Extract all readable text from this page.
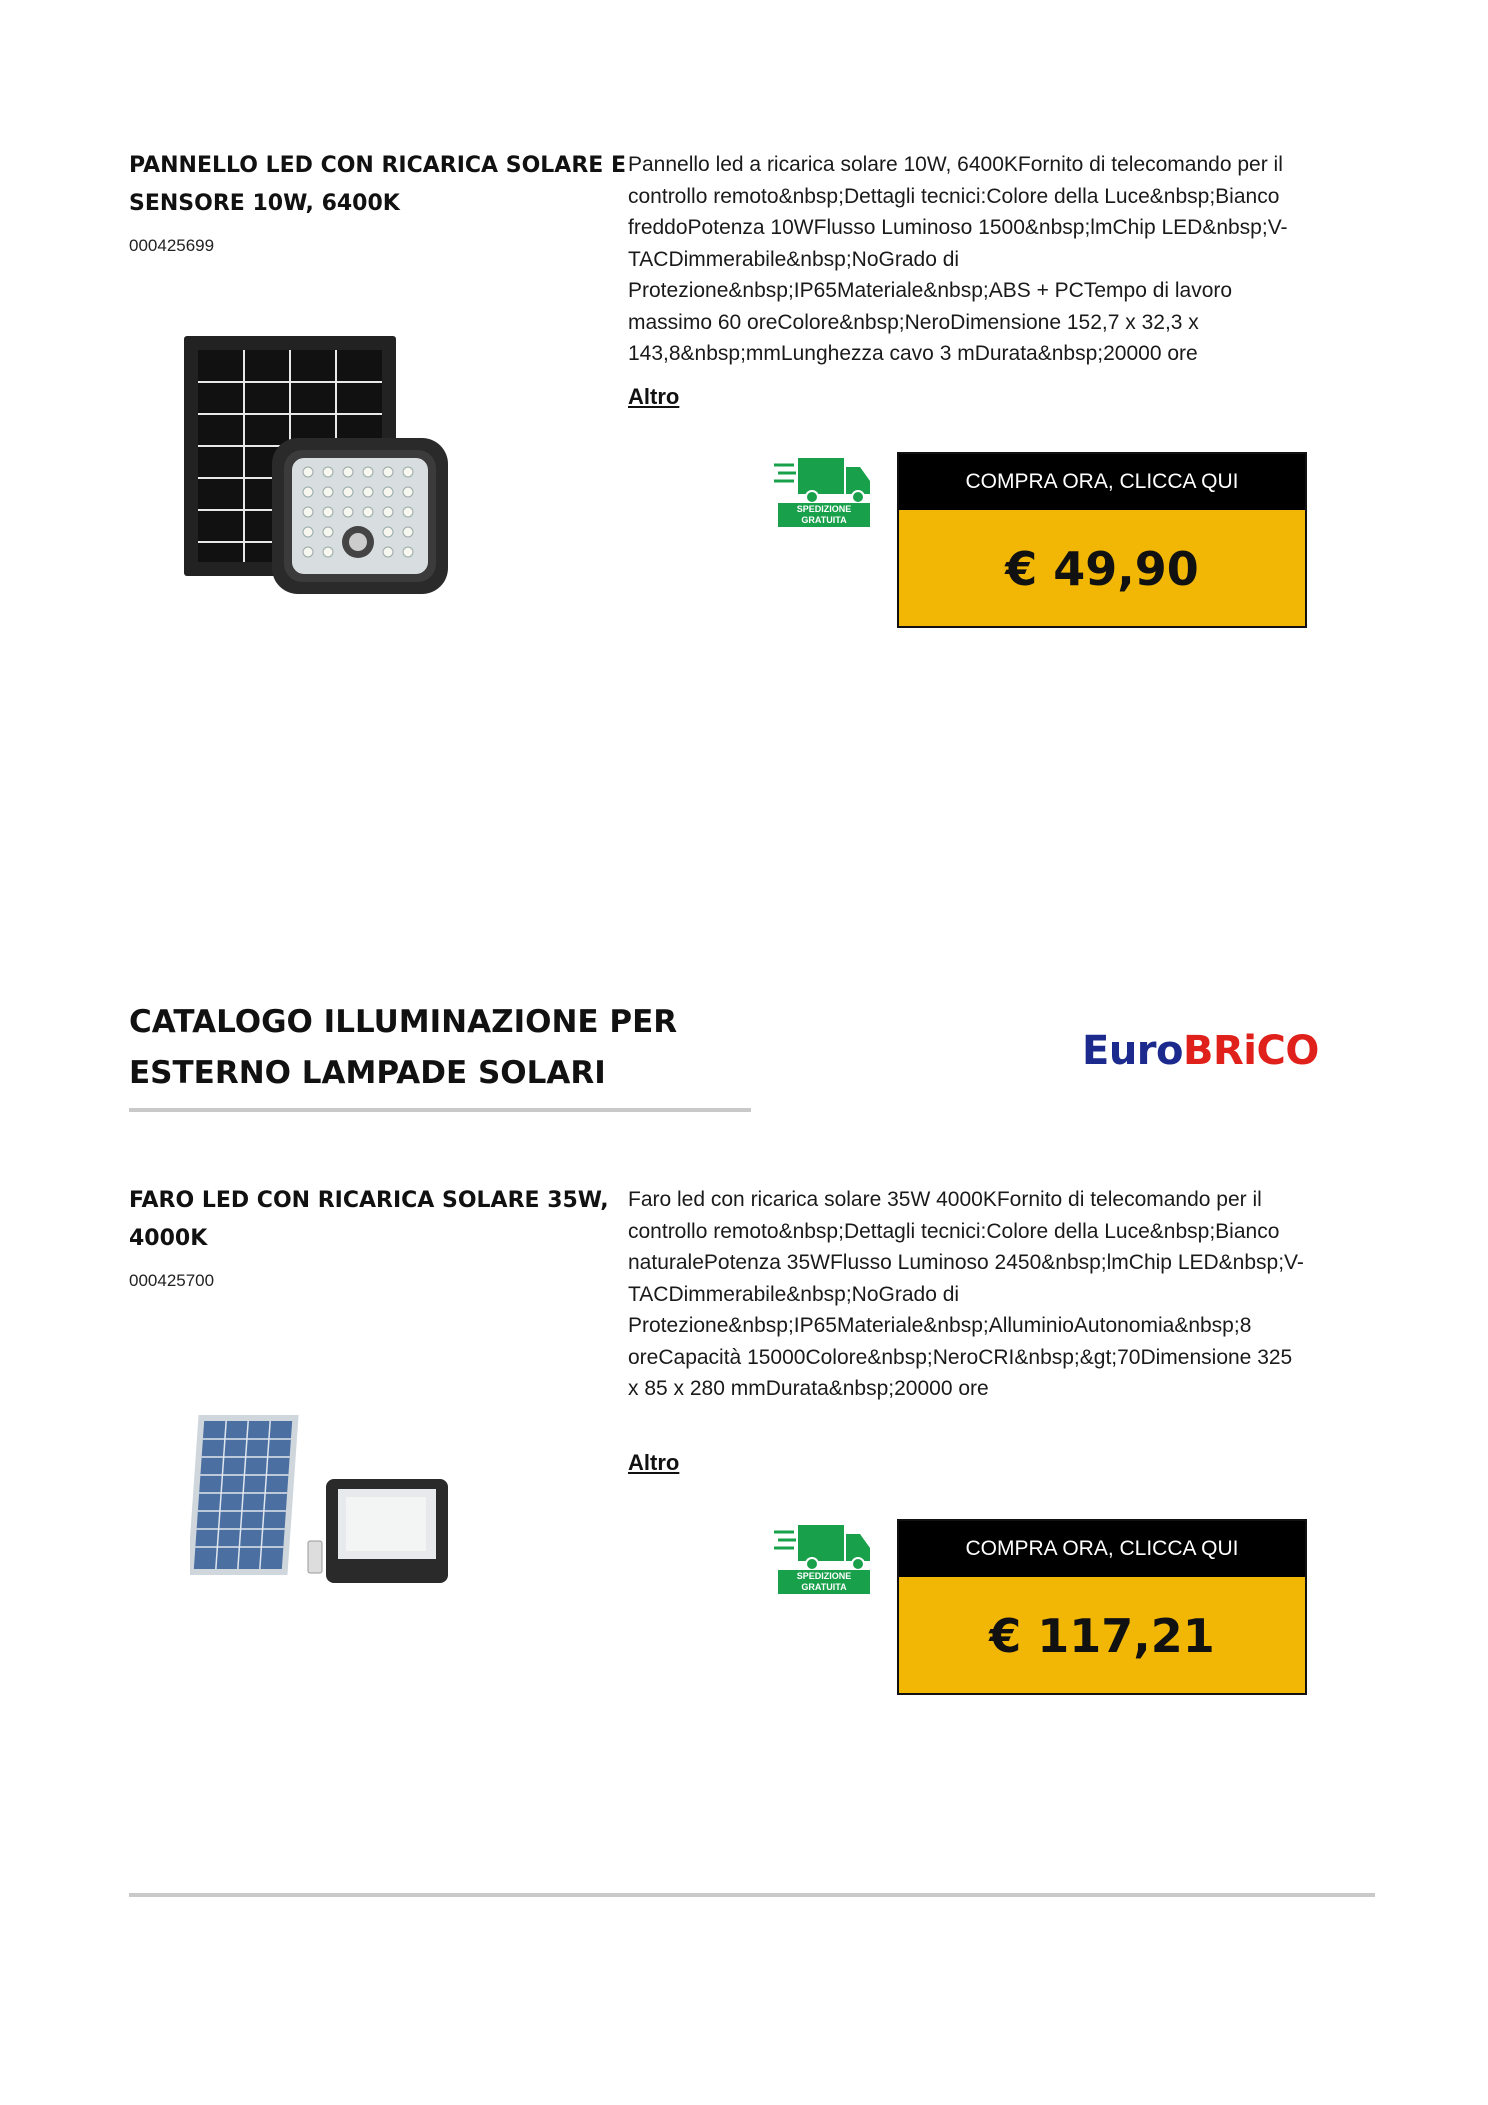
PANNELLO LED CON RICARICA SOLARE E SENSORE 10W, 6400K
000425699
Pannello led a ricarica solare 10W, 6400KFornito di telecomando per il controllo remoto&nbsp;Dettagli tecnici:Colore della Luce&nbsp;Bianco freddoPotenza 10WFlusso Luminoso 1500&nbsp;lmChip LED&nbsp;V-TACDimmerabile&nbsp;NoGrado di Protezione&nbsp;IP65Materiale&nbsp;ABS + PCTempo di lavoro massimo 60 oreColore&nbsp;NeroDimensione 152,7 x 32,3 x 143,8&nbsp;mmLunghezza cavo 3 mDurata&nbsp;20000 ore
Altro
SPEDIZIONE GRATUITA
COMPRA ORA, CLICCA QUI
€ 49,90
CATALOGO ILLUMINAZIONE PER ESTERNO LAMPADE SOLARI	EuroBRiCO
FARO LED CON RICARICA SOLARE 35W, 4000K
000425700
Faro led con ricarica solare 35W 4000KFornito di telecomando per il controllo remoto&nbsp;Dettagli tecnici:Colore della Luce&nbsp;Bianco naturalePotenza 35WFlusso Luminoso 2450&nbsp;lmChip LED&nbsp;V-TACDimmerabile&nbsp;NoGrado di Protezione&nbsp;IP65Materiale&nbsp;AlluminioAutonomia&nbsp;8 oreCapacità 15000Colore&nbsp;NeroCRI&nbsp;&gt;70Dimensione 325 x 85 x 280 mmDurata&nbsp;20000 ore
Altro
SPEDIZIONE GRATUITA
COMPRA ORA, CLICCA QUI
€ 117,21
